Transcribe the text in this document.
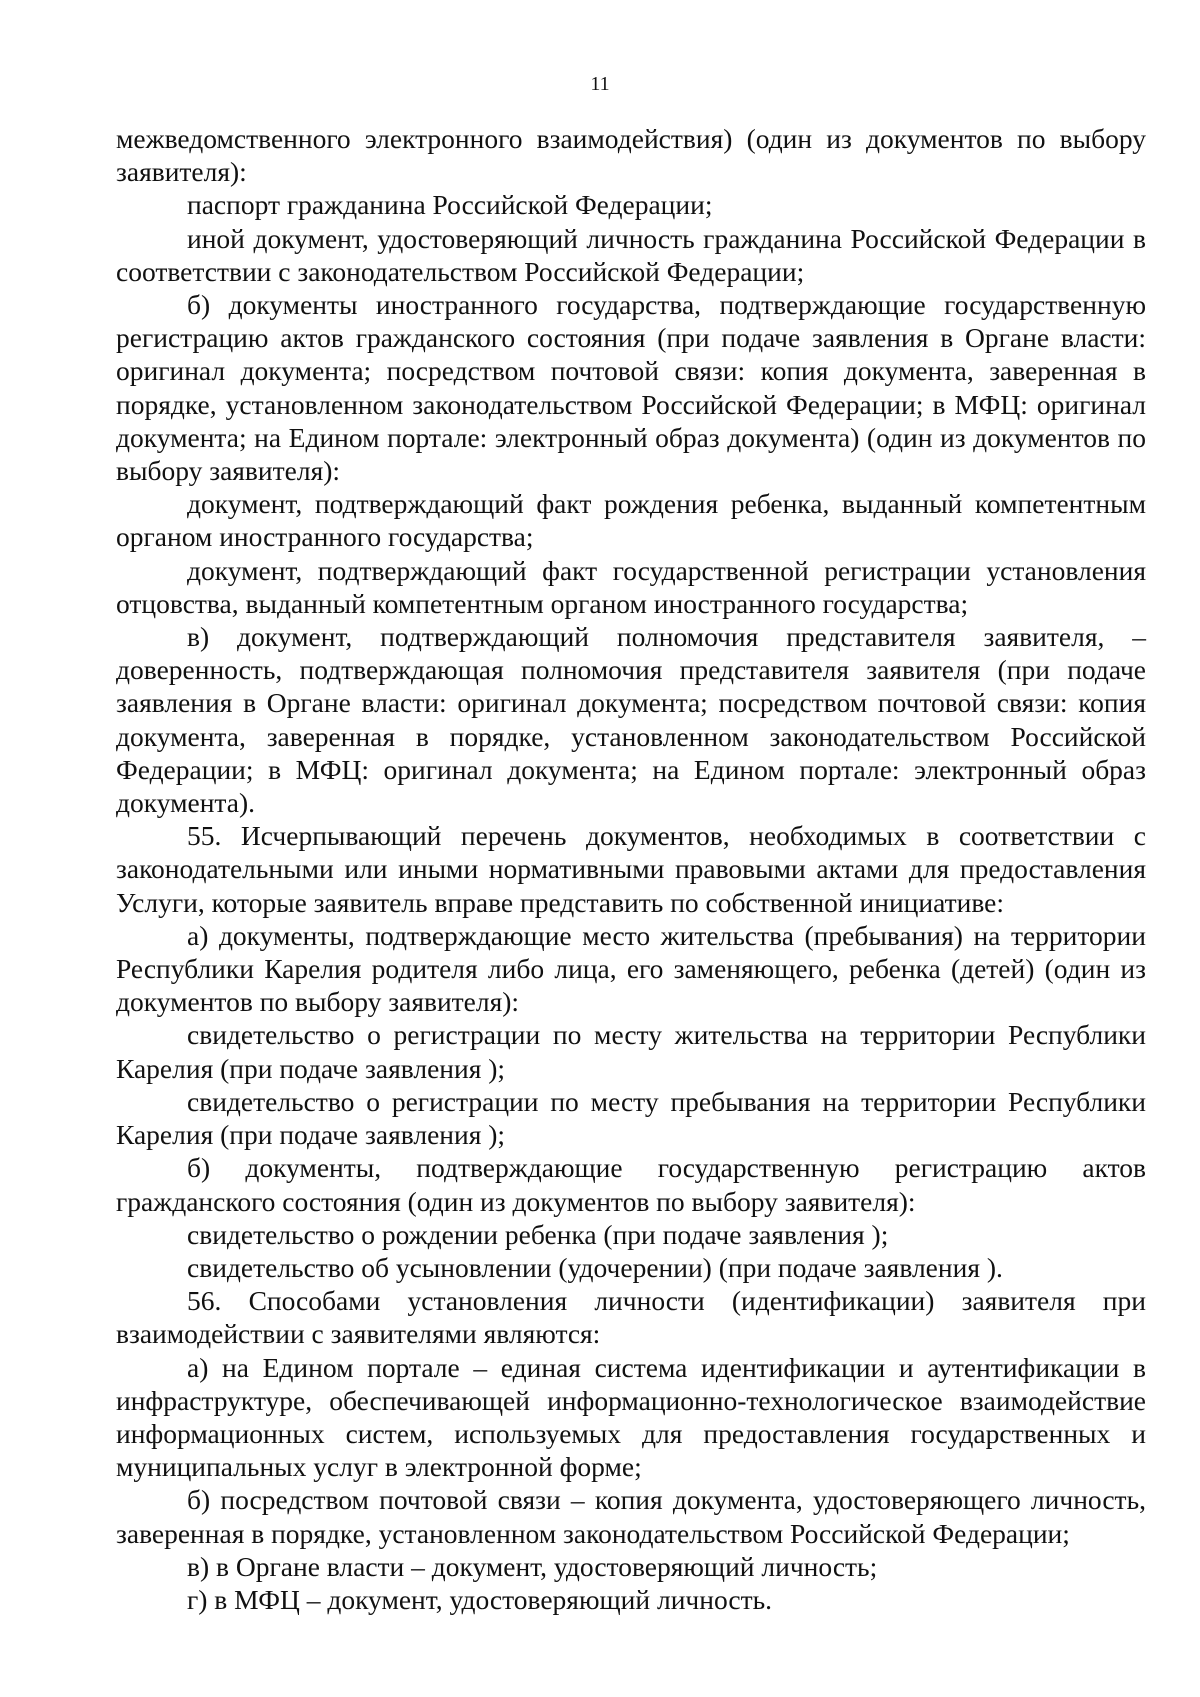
11

межведомственного электронного взаимодействия) (один из документов по выбору заявителя):

паспорт гражданина Российской Федерации;

иной документ, удостоверяющий личность гражданина Российской Федерации в соответствии с законодательством Российской Федерации;

б) документы иностранного государства, подтверждающие государственную регистрацию актов гражданского состояния (при подаче заявления в Органе власти: оригинал документа; посредством почтовой связи: копия документа, заверенная в порядке, установленном законодательством Российской Федерации; в МФЦ: оригинал документа; на Едином портале: электронный образ документа) (один из документов по выбору заявителя):

документ, подтверждающий факт рождения ребенка, выданный компетентным органом иностранного государства;

документ, подтверждающий факт государственной регистрации установления отцовства, выданный компетентным органом иностранного государства;

в) документ, подтверждающий полномочия представителя заявителя, – доверенность, подтверждающая полномочия представителя заявителя (при подаче заявления в Органе власти: оригинал документа; посредством почтовой связи: копия документа, заверенная в порядке, установленном законодательством Российской Федерации; в МФЦ: оригинал документа; на Едином портале: электронный образ документа).

55. Исчерпывающий перечень документов, необходимых в соответствии с законодательными или иными нормативными правовыми актами для предоставления Услуги, которые заявитель вправе представить по собственной инициативе:

а) документы, подтверждающие место жительства (пребывания) на территории Республики Карелия родителя либо лица, его заменяющего, ребенка (детей) (один из документов по выбору заявителя):

свидетельство о регистрации по месту жительства на территории Республики Карелия (при подаче заявления );

свидетельство о регистрации по месту пребывания на территории Республики Карелия (при подаче заявления );

б) документы, подтверждающие государственную регистрацию актов гражданского состояния (один из документов по выбору заявителя):

свидетельство о рождении ребенка (при подаче заявления );

свидетельство об усыновлении (удочерении) (при подаче заявления ).

56. Способами установления личности (идентификации) заявителя при взаимодействии с заявителями являются:

а) на Едином портале – единая система идентификации и аутентификации в инфраструктуре, обеспечивающей информационно-технологическое взаимодействие информационных систем, используемых для предоставления государственных и муниципальных услуг в электронной форме;

б) посредством почтовой связи – копия документа, удостоверяющего личность, заверенная в порядке, установленном законодательством Российской Федерации;

в) в Органе власти – документ, удостоверяющий личность;

г) в МФЦ – документ, удостоверяющий личность.
